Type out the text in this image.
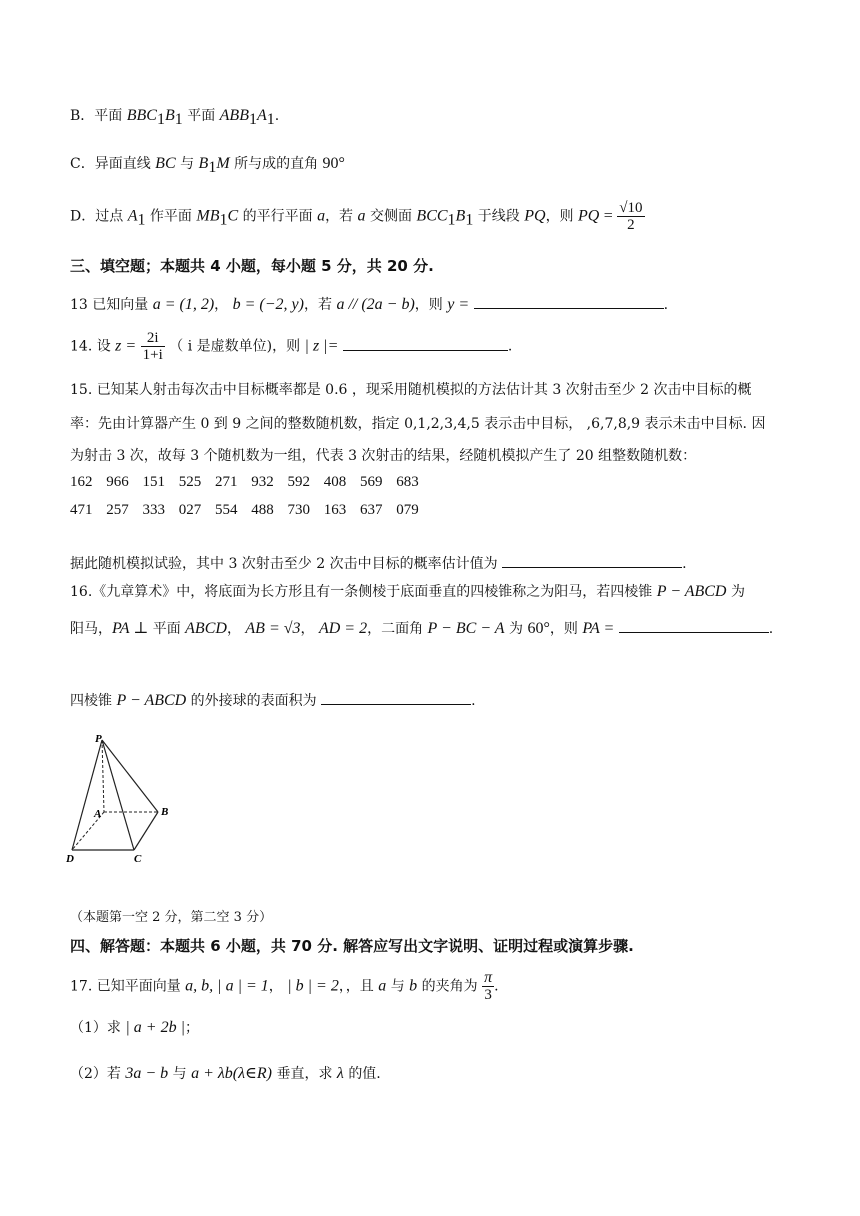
B．平面 $BBC_1B_1$ 平面 $ABB_1A_1$.
C．异面直线 BC 与 $B_1M$ 所与成的直角 90°
D．过点 $A_1$ 作平面 $MB_1C$ 的平行平面 a，若 a 交侧面 $BCC_1B_1$ 于线段 PQ，则 PQ = $\frac{√10}{2}$
三、填空题；本题共 4 小题，每小题 5 分，共 20 分.
13 已知向量 a = (1, 2)， b = (−2, y)，若 a // (2a − b)，则 y =	.
14. 设 $z = \frac{2i}{1+i}$ （ i 是虚数单位)，则 | z |=	.
15. 已知某人射击每次击中目标概率都是 0.6 ，现采用随机模拟的方法估计其 3 次射击至少 2 次击中目标的概
率：先由计算器产生 0 到 9 之间的整数随机数，指定 0,1,2,3,4,5 表示击中目标， ,6,7,8,9 表示未击中目标. 因
为射击 3 次，故每 3 个随机数为一组，代表 3 次射击的结果，经随机模拟产生了 20 组整数随机数：
162 966 151 525 271 932 592 408 569 683
471 257 333 027 554 488 730 163 637 079
据此随机模拟试验，其中 3 次射击至少 2 次击中目标的概率估计值为	.
16.《九章算术》中，将底面为长方形且有一条侧棱于底面垂直的四棱锥称之为阳马，若四棱锥 P − ABCD 为
阳马，PA ⊥ 平面 ABCD， AB = √3， AD = 2，二面角 P − BC − A 为 60°，则 PA =	.
四棱锥 P − ABCD 的外接球的表面积为	.
P
A	B
C
D
（本题第一空 2 分，第二空 3 分）
四、解答题：本题共 6 小题，共 70 分. 解答应写出文字说明、证明过程或演算步骤.
17. 已知平面向量 a, b, | a | = 1， | b | = 2，，且 a 与 b 的夹角为 $\frac{\pi}{3}$ .
（1）求 | a + 2b |；
（2）若 3a − b 与 a + λb(λ∈R) 垂直，求 λ 的值.
